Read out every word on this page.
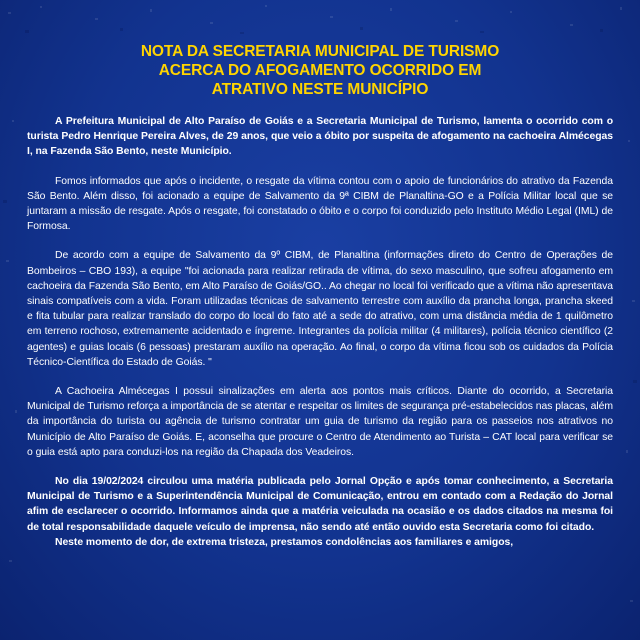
NOTA DA SECRETARIA MUNICIPAL DE TURISMO
ACERCA DO AFOGAMENTO OCORRIDO EM
ATRATIVO NESTE MUNICÍPIO

A Prefeitura Municipal de Alto Paraíso de Goiás e a Secretaria Municipal de Turismo, lamenta o ocorrido com o turista Pedro Henrique Pereira Alves, de 29 anos, que veio a óbito por suspeita de afogamento na cachoeira Almécegas I, na Fazenda São Bento, neste Município.

Fomos informados que após o incidente, o resgate da vítima contou com o apoio de funcionários do atrativo da Fazenda São Bento. Além disso, foi acionado a equipe de Salvamento da 9ª CIBM de Planaltina-GO e a Polícia Militar local que se juntaram a missão de resgate. Após o resgate, foi constatado o óbito e o corpo foi conduzido pelo Instituto Médio Legal (IML) de Formosa.

De acordo com a equipe de Salvamento da 9º CIBM, de Planaltina (informações direto do Centro de Operações de Bombeiros – CBO 193), a equipe "foi acionada para realizar retirada de vítima, do sexo masculino, que sofreu afogamento em cachoeira da Fazenda São Bento, em Alto Paraíso de Goiás/GO.. Ao chegar no local foi verificado que a vítima não apresentava sinais compatíveis com a vida. Foram utilizadas técnicas de salvamento terrestre com auxílio da prancha longa, prancha skeed e fita tubular para realizar translado do corpo do local do fato até a sede do atrativo, com uma distância média de 1 quilômetro em terreno rochoso, extremamente acidentado e íngreme. Integrantes da polícia militar (4 militares), polícia técnico científico (2 agentes) e guias locais (6 pessoas) prestaram auxílio na operação. Ao final, o corpo da vítima ficou sob os cuidados da Polícia Técnico-Científica do Estado de Goiás. "

A Cachoeira Almécegas I possui sinalizações em alerta aos pontos mais críticos. Diante do ocorrido, a Secretaria Municipal de Turismo reforça a importância de se atentar e respeitar os limites de segurança pré-estabelecidos nas placas, além da importância do turista ou agência de turismo contratar um guia de turismo da região para os passeios nos atrativos no Município de Alto Paraíso de Goiás. E, aconselha que procure o Centro de Atendimento ao Turista – CAT local para verificar se o guia está apto para conduzi-los na região da Chapada dos Veadeiros.

No dia 19/02/2024 circulou uma matéria publicada pelo Jornal Opção e após tomar conhecimento, a Secretaria Municipal de Turismo e a Superintendência Municipal de Comunicação, entrou em contado com a Redação do Jornal afim de esclarecer o ocorrido. Informamos ainda que a matéria veiculada na ocasião e os dados citados na mesma foi de total responsabilidade daquele veículo de imprensa, não sendo até então ouvido esta Secretaria como foi citado.

Neste momento de dor, de extrema tristeza, prestamos condolências aos familiares e amigos,
